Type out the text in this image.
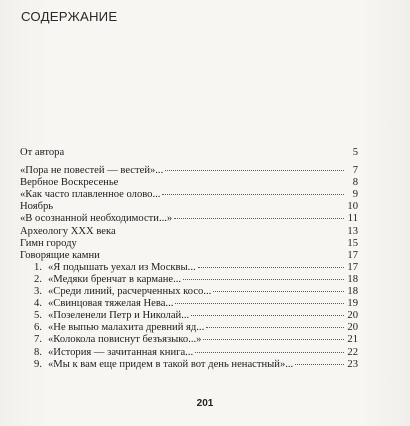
СОДЕРЖАНИЕ
От автора	5
«Пора не повестей — вестей»...	7
Вербное Воскресенье	8
«Как часто плавленное олово...	9
Ноябрь	10
«В осознанной необходимости...»	11
Археологу XXX века	13
Гимн городу	15
Говорящие камни	17
1. «Я подышать уехал из Москвы...	17
2. «Медяки бренчат в кармане...	18
3. «Среди линий, расчерченных косо...	18
4. «Свинцовая тяжелая Нева...	19
5. «Позеленели Петр и Николай...	20
6. «Не выпью малахита древний яд...	20
7. «Колокола повиснут безъязыко...»	21
8. «История — зачитанная книга...	22
9. «Мы к вам еще придем в такой вот день ненастный»...	23
201
